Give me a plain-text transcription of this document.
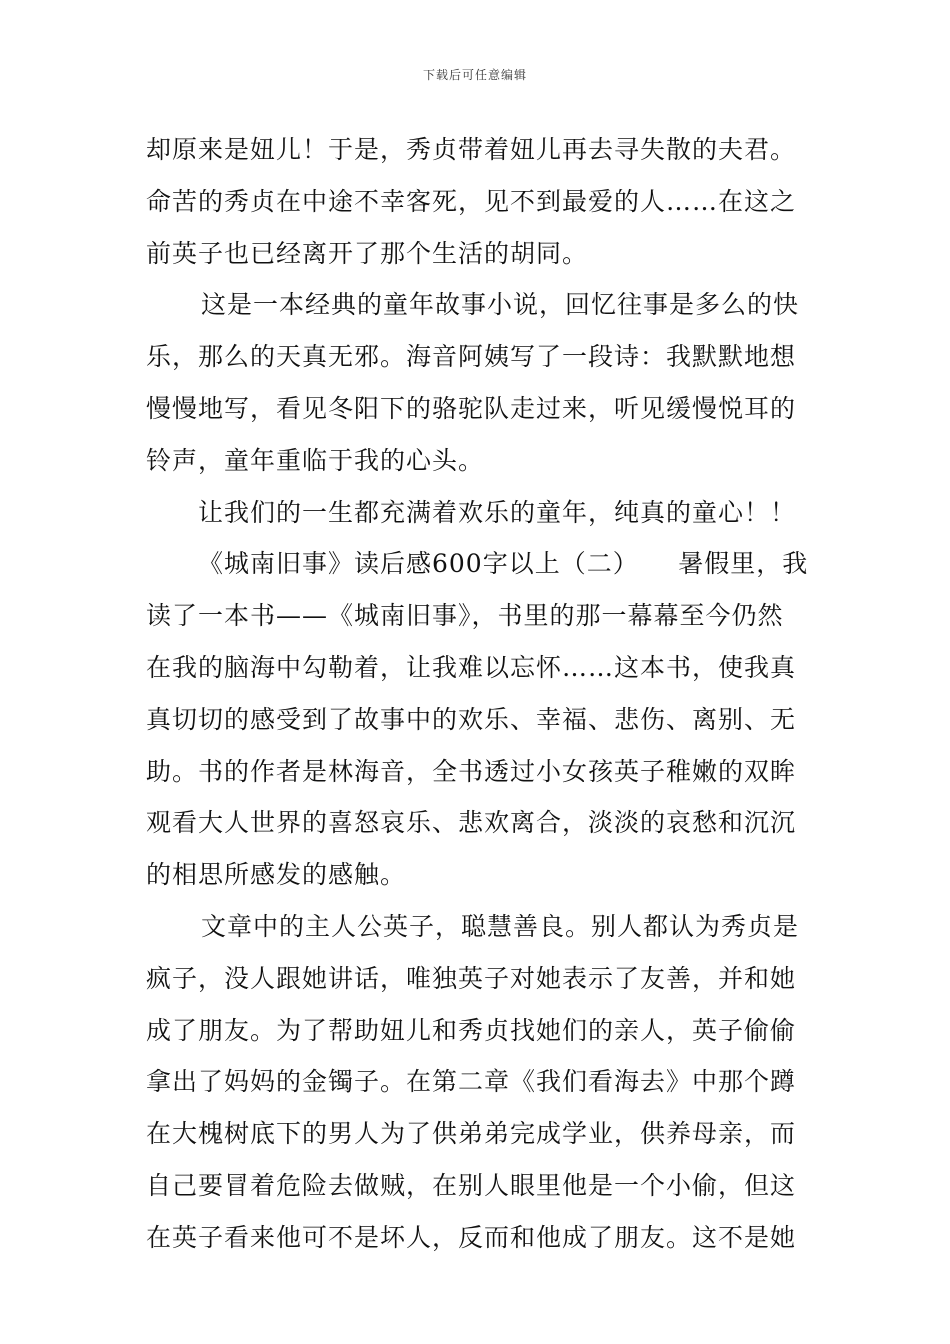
下载后可任意编辑
却原来是妞儿！于是，秀贞带着妞儿再去寻失散的夫君。
命苦的秀贞在中途不幸客死，见不到最爱的人……在这之
前英子也已经离开了那个生活的胡同。
这是一本经典的童年故事小说，回忆往事是多么的快
乐，那么的天真无邪。海音阿姨写了一段诗：我默默地想
慢慢地写，看见冬阳下的骆驼队走过来，听见缓慢悦耳的
铃声，童年重临于我的心头。
让我们的一生都充满着欢乐的童年，纯真的童心！！
《城南旧事》读后感600字以上（二）　　暑假里，我
读了一本书——《城南旧事》，书里的那一幕幕至今仍然
在我的脑海中勾勒着，让我难以忘怀……这本书，使我真
真切切的感受到了故事中的欢乐、幸福、悲伤、离别、无
助。书的作者是林海音，全书透过小女孩英子稚嫩的双眸
观看大人世界的喜怒哀乐、悲欢离合，淡淡的哀愁和沉沉
的相思所感发的感触。
文章中的主人公英子，聪慧善良。别人都认为秀贞是
疯子，没人跟她讲话，唯独英子对她表示了友善，并和她
成了朋友。为了帮助妞儿和秀贞找她们的亲人，英子偷偷
拿出了妈妈的金镯子。在第二章《我们看海去》中那个蹲
在大槐树底下的男人为了供弟弟完成学业，供养母亲，而
自己要冒着危险去做贼，在别人眼里他是一个小偷，但这
在英子看来他可不是坏人，反而和他成了朋友。这不是她
